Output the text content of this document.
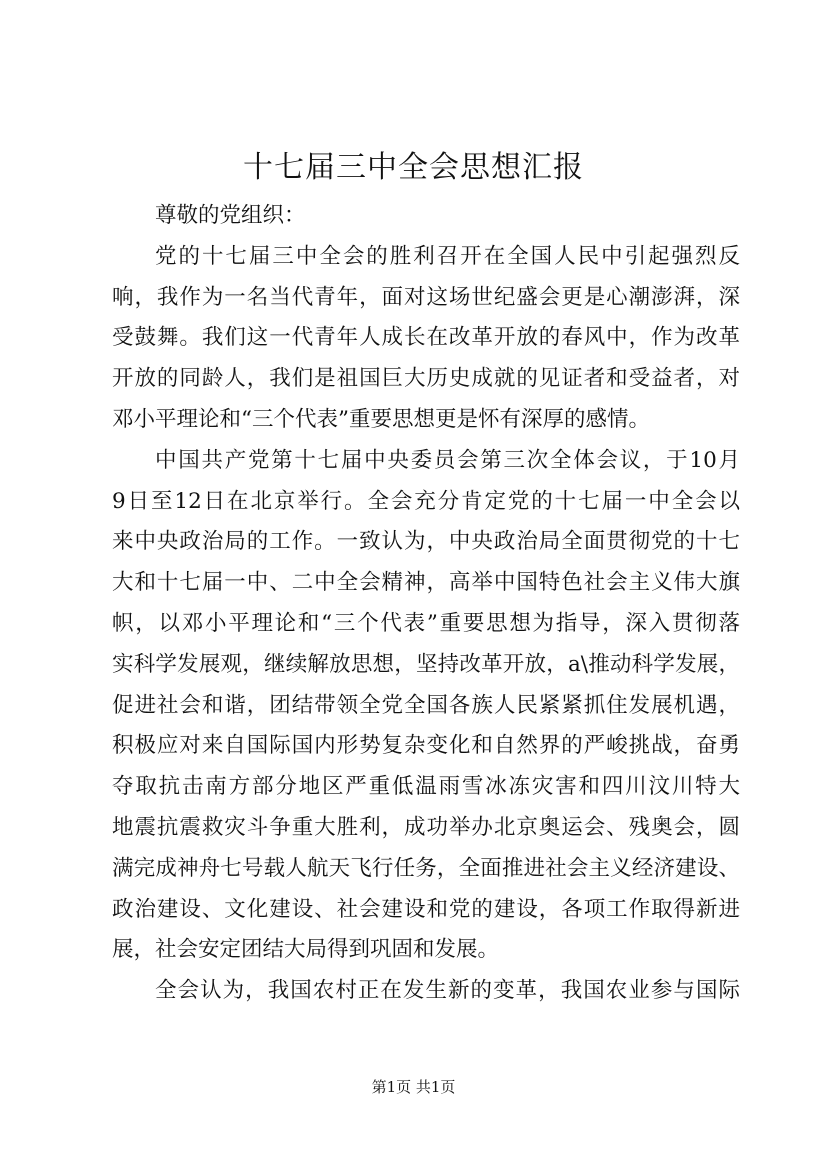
十七届三中全会思想汇报
尊敬的党组织：
党的十七届三中全会的胜利召开在全国人民中引起强烈反
响，我作为一名当代青年，面对这场世纪盛会更是心潮澎湃，深
受鼓舞。我们这一代青年人成长在改革开放的春风中，作为改革
开放的同龄人，我们是祖国巨大历史成就的见证者和受益者，对
邓小平理论和“三个代表”重要思想更是怀有深厚的感情。
中国共产党第十七届中央委员会第三次全体会议，于10月
9日至12日在北京举行。全会充分肯定党的十七届一中全会以
来中央政治局的工作。一致认为，中央政治局全面贯彻党的十七
大和十七届一中、二中全会精神，高举中国特色社会主义伟大旗
帜，以邓小平理论和“三个代表”重要思想为指导，深入贯彻落
实科学发展观，继续解放思想，坚持改革开放，a\推动科学发展，
促进社会和谐，团结带领全党全国各族人民紧紧抓住发展机遇，
积极应对来自国际国内形势复杂变化和自然界的严峻挑战，奋勇
夺取抗击南方部分地区严重低温雨雪冰冻灾害和四川汶川特大
地震抗震救灾斗争重大胜利，成功举办北京奥运会、残奥会，圆
满完成神舟七号载人航天飞行任务，全面推进社会主义经济建设、
政治建设、文化建设、社会建设和党的建设，各项工作取得新进
展，社会安定团结大局得到巩固和发展。
全会认为，我国农村正在发生新的变革，我国农业参与国际
第1页 共1页
